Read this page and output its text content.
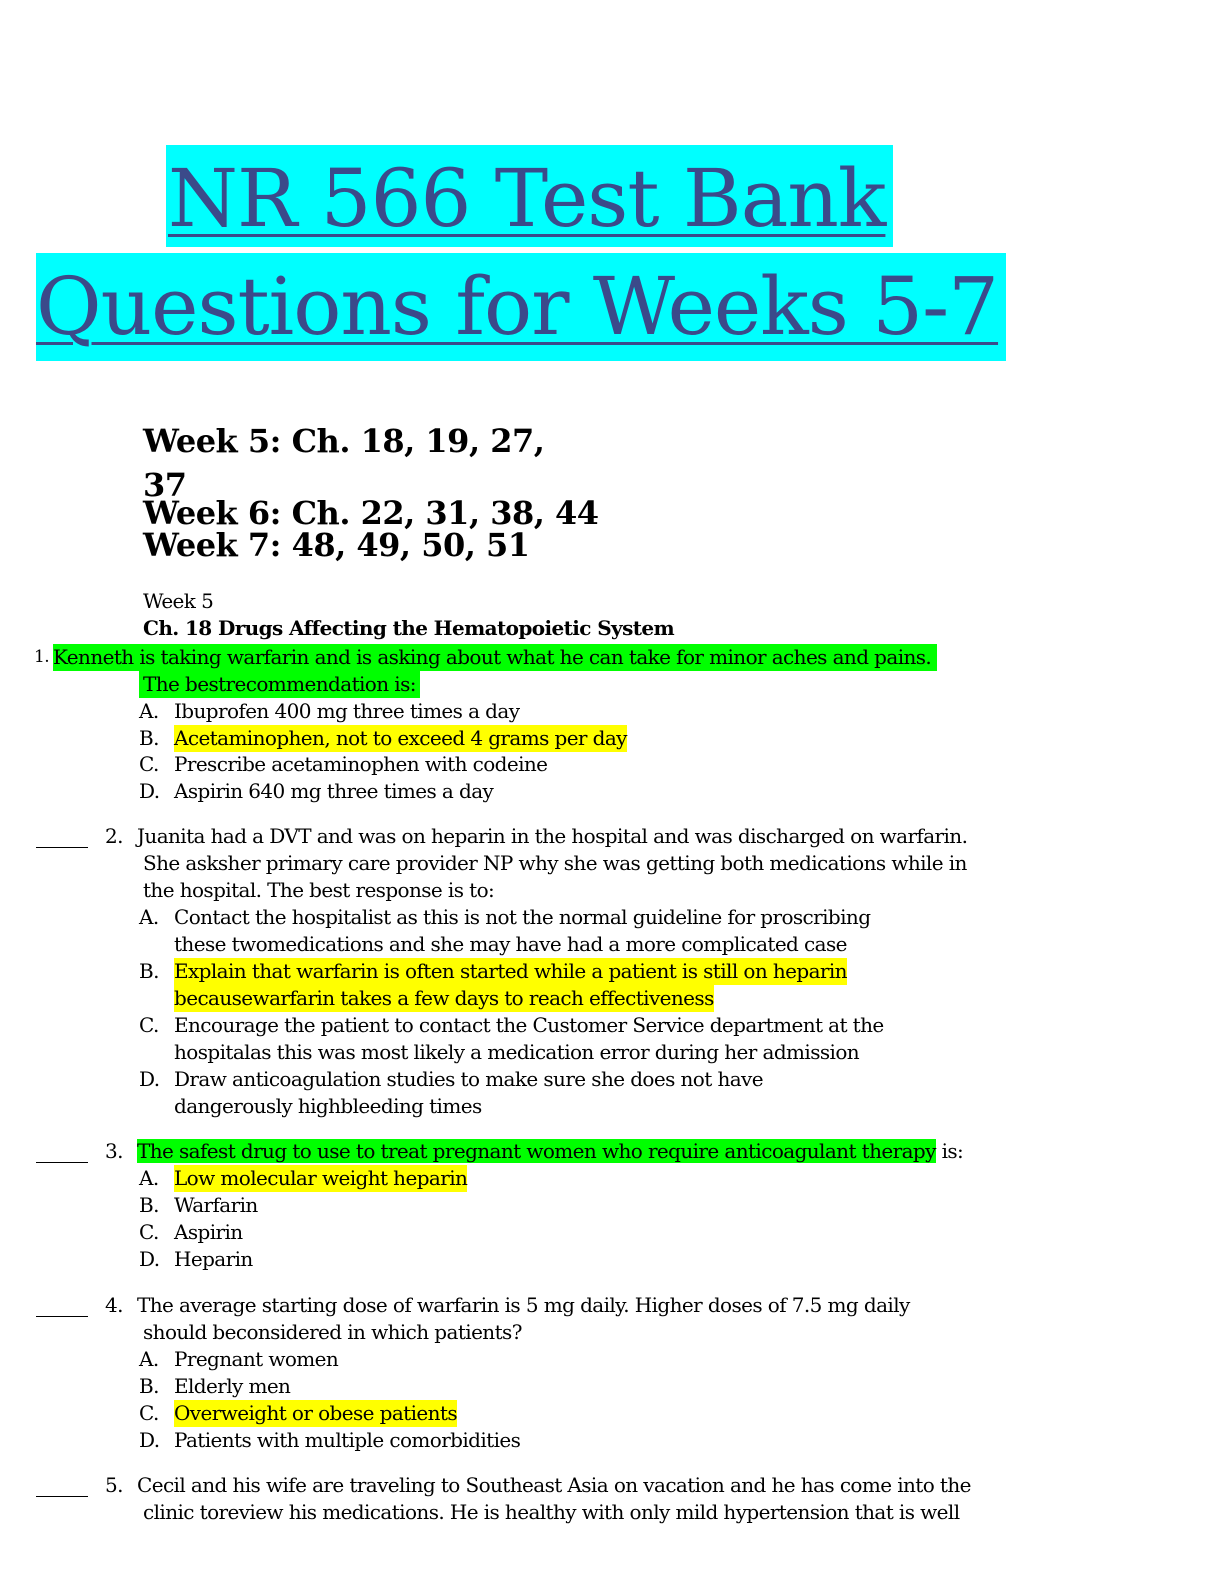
NR 566 Test Bank
Questions for Weeks 5-7
Week 5: Ch. 18, 19, 27,
37
Week 6: Ch. 22, 31, 38, 44
Week 7: 48, 49, 50, 51
Week 5
Ch. 18 Drugs Affecting the Hematopoietic System
1. Kenneth is taking warfarin and is asking about what he can take for minor aches and pains.
The bestrecommendation is:
A. Ibuprofen 400 mg three times a day
B. Acetaminophen, not to exceed 4 grams per day
C. Prescribe acetaminophen with codeine
D. Aspirin 640 mg three times a day
2. Juanita had a DVT and was on heparin in the hospital and was discharged on warfarin.
She asksher primary care provider NP why she was getting both medications while in
the hospital. The best response is to:
A. Contact the hospitalist as this is not the normal guideline for proscribing
these twomedications and she may have had a more complicated case
B. Explain that warfarin is often started while a patient is still on heparin
becausewarfarin takes a few days to reach effectiveness
C. Encourage the patient to contact the Customer Service department at the
hospitalas this was most likely a medication error during her admission
D. Draw anticoagulation studies to make sure she does not have
dangerously highbleeding times
3. The safest drug to use to treat pregnant women who require anticoagulant therapy is:
A. Low molecular weight heparin
B. Warfarin
C. Aspirin
D. Heparin
4. The average starting dose of warfarin is 5 mg daily. Higher doses of 7.5 mg daily
should beconsidered in which patients?
A. Pregnant women
B. Elderly men
C. Overweight or obese patients
D. Patients with multiple comorbidities
5. Cecil and his wife are traveling to Southeast Asia on vacation and he has come into the
clinic toreview his medications. He is healthy with only mild hypertension that is well
